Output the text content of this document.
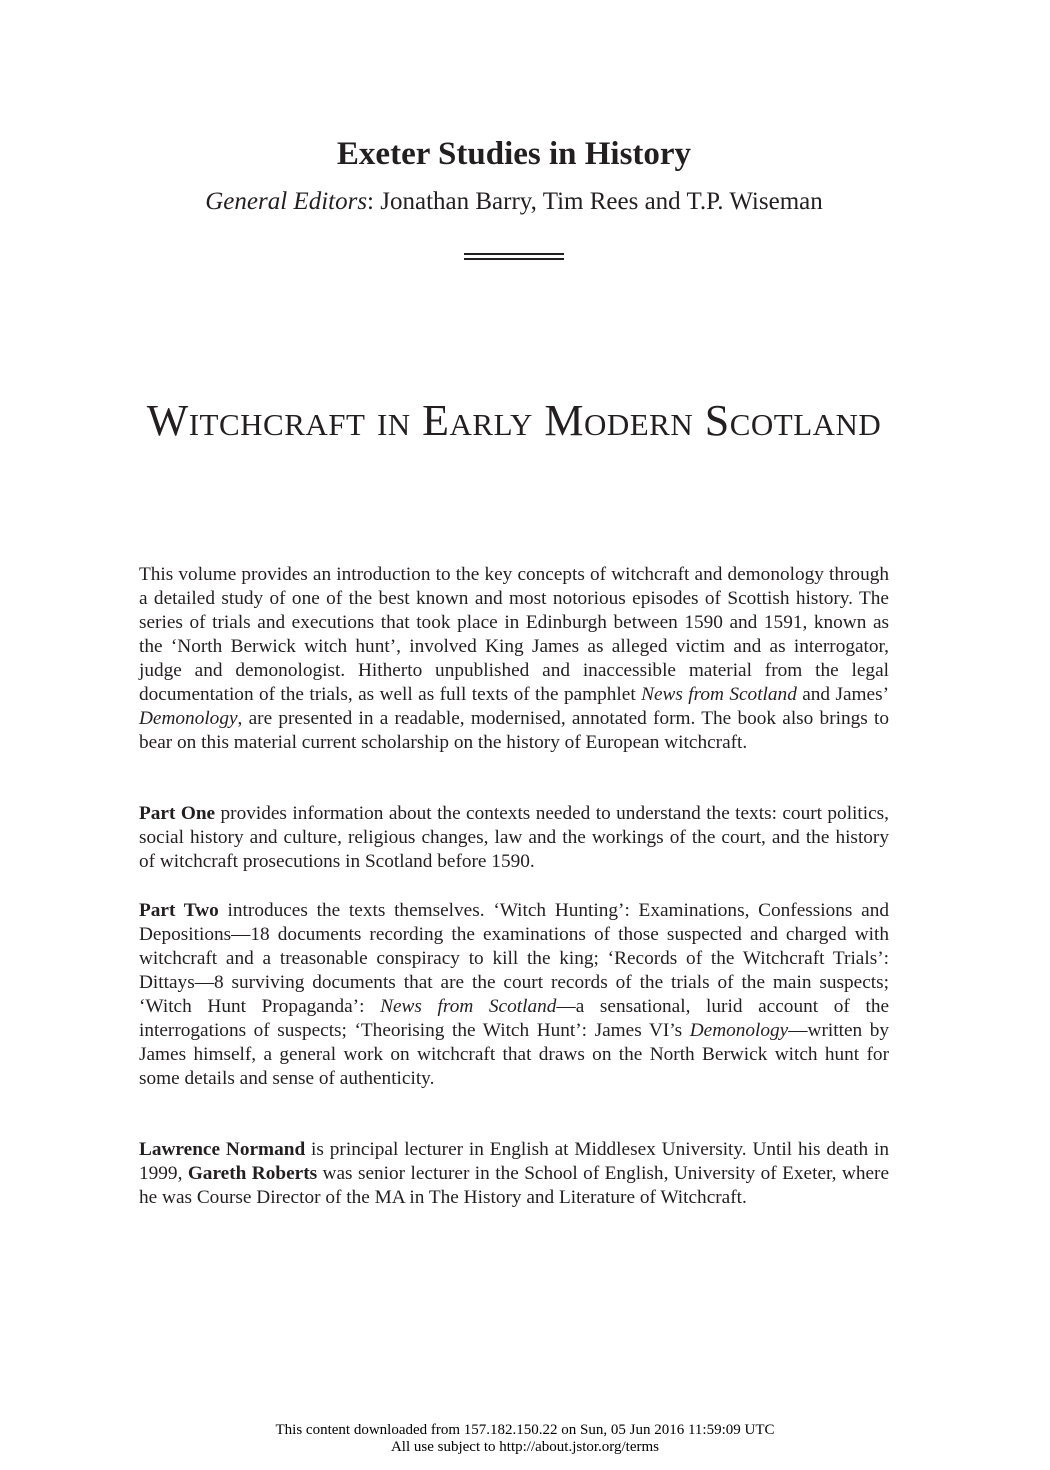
Exeter Studies in History
General Editors: Jonathan Barry, Tim Rees and T.P. Wiseman
Witchcraft in Early Modern Scotland

This volume provides an introduction to the key concepts of witchcraft and demonology through a detailed study of one of the best known and most notorious episodes of Scottish history. The series of trials and executions that took place in Edinburgh between 1590 and 1591, known as the ‘North Berwick witch hunt’, involved King James as alleged victim and as interrogator, judge and demonologist. Hitherto unpublished and inaccessible material from the legal documentation of the trials, as well as full texts of the pamphlet News from Scotland and James’ Demonology, are presented in a readable, modernised, annotated form. The book also brings to bear on this material current scholarship on the history of European witchcraft.

Part One provides information about the contexts needed to understand the texts: court politics, social history and culture, religious changes, law and the workings of the court, and the history of witchcraft prosecutions in Scotland before 1590.

Part Two introduces the texts themselves. ‘Witch Hunting’: Examinations, Confessions and Depositions—18 documents recording the examinations of those suspected and charged with witchcraft and a treasonable conspiracy to kill the king; ‘Records of the Witchcraft Trials’: Dittays—8 surviving documents that are the court records of the trials of the main suspects; ‘Witch Hunt Propaganda’: News from Scotland—a sensational, lurid account of the interrogations of suspects; ‘Theorising the Witch Hunt’: James VI’s Demonology—written by James himself, a general work on witchcraft that draws on the North Berwick witch hunt for some details and sense of authenticity.

Lawrence Normand is principal lecturer in English at Middlesex University. Until his death in 1999, Gareth Roberts was senior lecturer in the School of English, University of Exeter, where he was Course Director of the MA in The History and Literature of Witchcraft.

This content downloaded from 157.182.150.22 on Sun, 05 Jun 2016 11:59:09 UTC
All use subject to http://about.jstor.org/terms
